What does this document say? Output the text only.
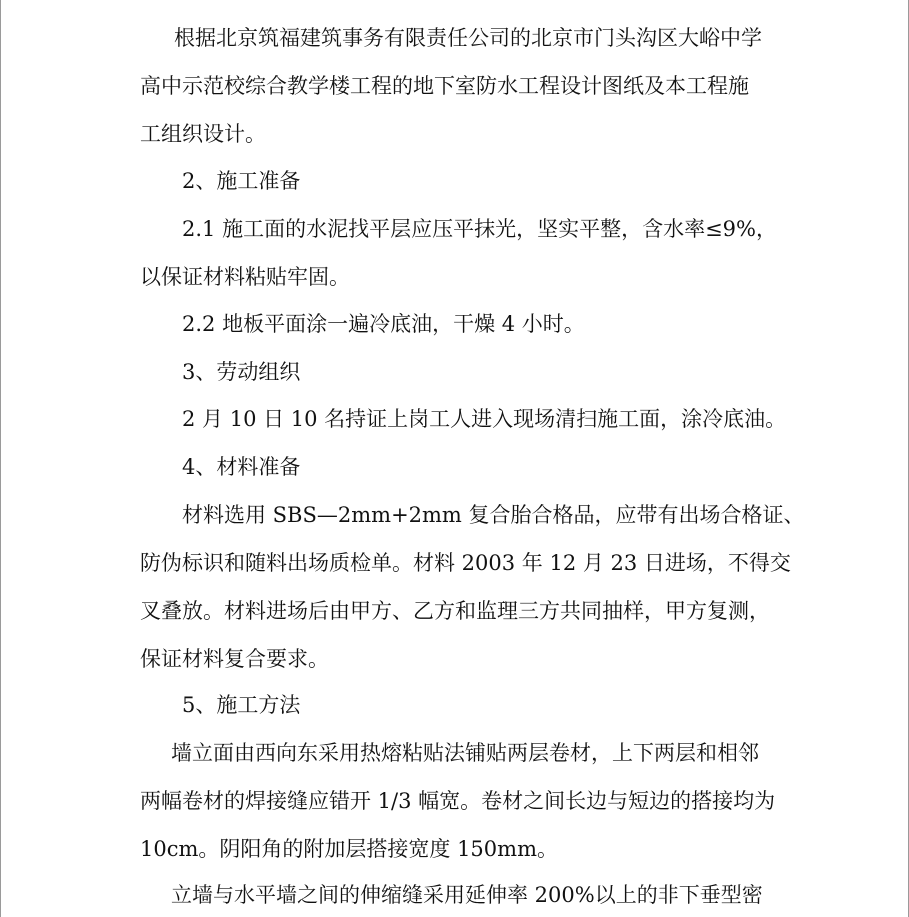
根据北京筑福建筑事务有限责任公司的北京市门头沟区大峪中学
高中示范校综合教学楼工程的地下室防水工程设计图纸及本工程施
工组织设计。
2、施工准备
2.1 施工面的水泥找平层应压平抹光，坚实平整，含水率≤9%，
以保证材料粘贴牢固。
2.2 地板平面涂一遍冷底油，干燥 4 小时。
3、劳动组织
2 月 10 日 10 名持证上岗工人进入现场清扫施工面，涂冷底油。
4、材料准备
材料选用 SBS—2mm+2mm 复合胎合格品，应带有出场合格证、
防伪标识和随料出场质检单。材料 2003 年 12 月 23 日进场，不得交
叉叠放。材料进场后由甲方、乙方和监理三方共同抽样，甲方复测，
保证材料复合要求。
5、施工方法
墙立面由西向东采用热熔粘贴法铺贴两层卷材，上下两层和相邻
两幅卷材的焊接缝应错开 1/3 幅宽。卷材之间长边与短边的搭接均为
10cm。阴阳角的附加层搭接宽度 150mm。
立墙与水平墙之间的伸缩缝采用延伸率 200%以上的非下垂型密
